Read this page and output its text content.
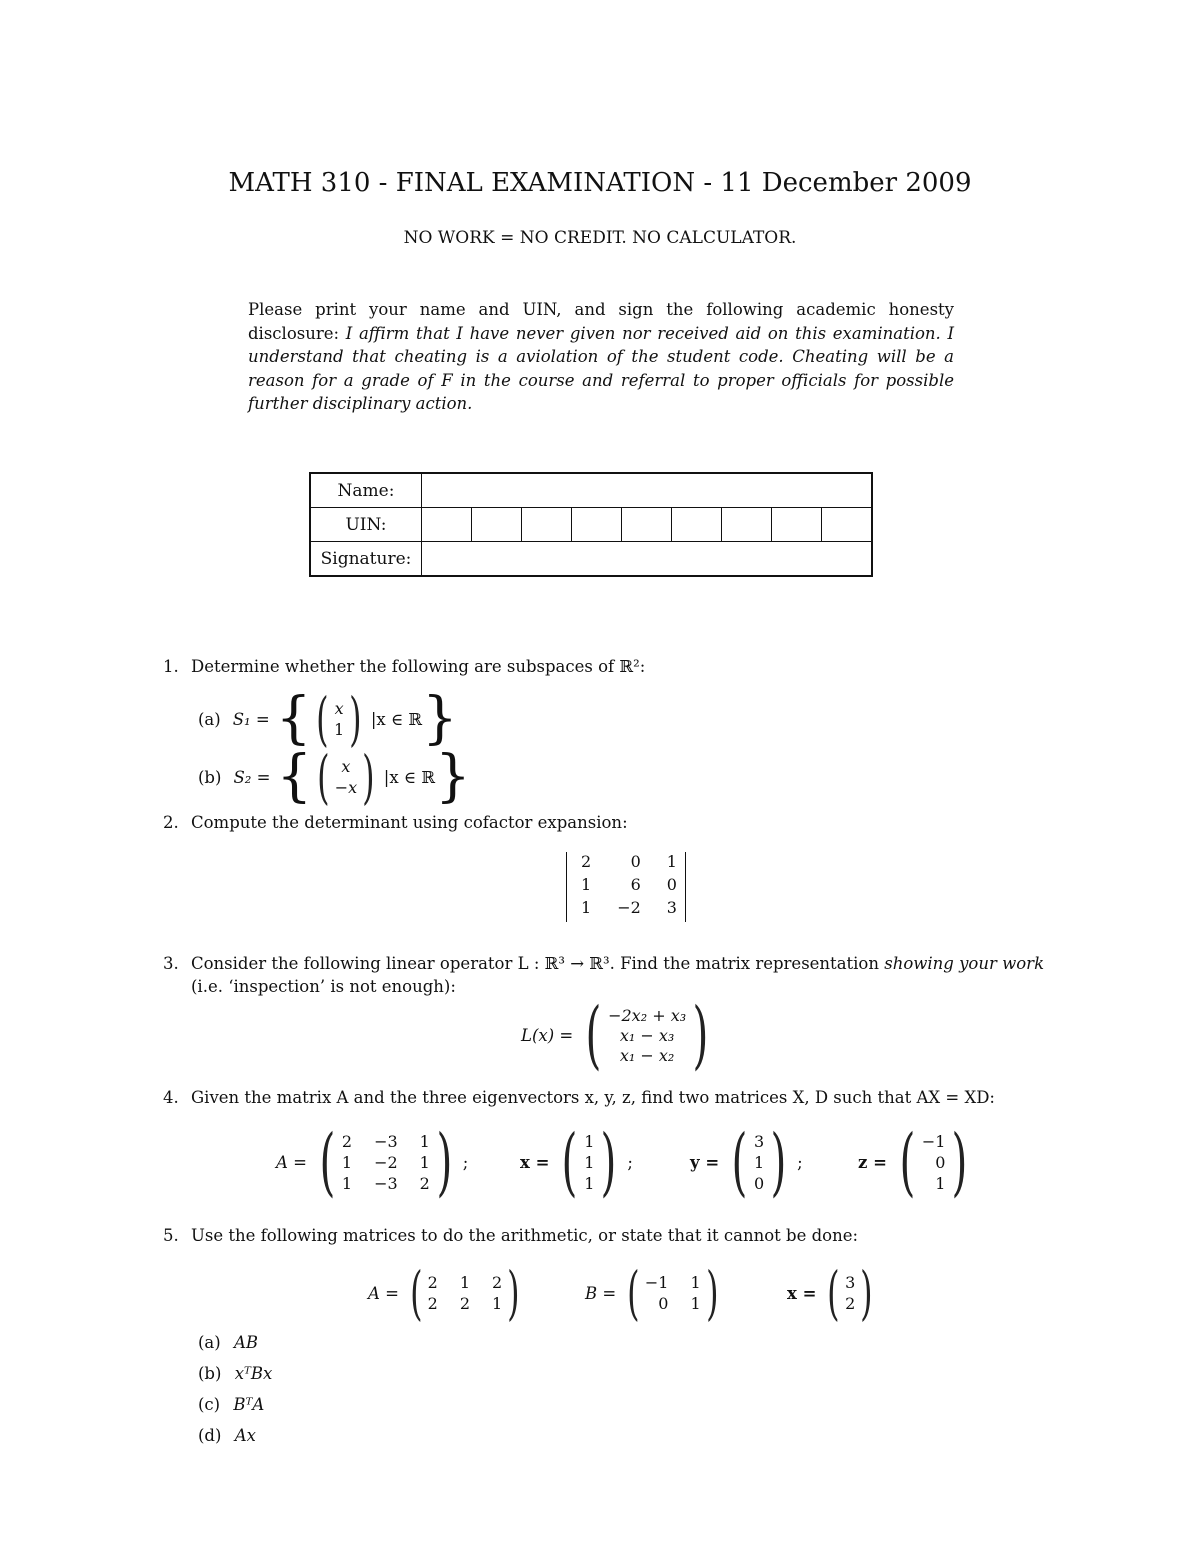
MATH 310 - FINAL EXAMINATION - 11 December 2009
NO WORK = NO CREDIT. NO CALCULATOR.
Please print your name and UIN, and sign the following academic honesty disclosure: I affirm that I have never given nor received aid on this examination. I understand that cheating is a aviolation of the student code. Cheating will be a reason for a grade of F in the course and referral to proper officials for possible further disciplinary action.
Name:									
UIN:									
Signature:									
1. Determine whether the following are subspaces of ℝ²:
(a) S₁ = { ( x
1 ) |x ∈ ℝ }
(b) S₂ = { ( x
−x ) |x ∈ ℝ }
2. Compute the determinant using cofactor expansion:
2	0 1
1	6 0
1 −2 3
3. Consider the following linear operator L : ℝ³ → ℝ³. Find the matrix representation showing your work
(i.e. ‘inspection’ is not enough):
L(x) = ( −2x₂ + x₃
x₁ − x₃
x₁ − x₂ )
4. Given the matrix A and the three eigenvectors x, y, z, find two matrices X, D such that AX = XD:
A = ( 2 −3 1
1 −2 1
1 −3 2 ) ;	x = ( 1
1
1 ) ;	y = ( 3
1
0 ) ;	z = ( −1
0
1 )
5. Use the following matrices to do the arithmetic, or state that it cannot be done:
A = ( 2 1 2
2 2 1 )	B = ( −1 1
0 1 )	x = ( 3
2 )
(a) AB
(b) xᵀBx
(c) BᵀA
(d) Ax
